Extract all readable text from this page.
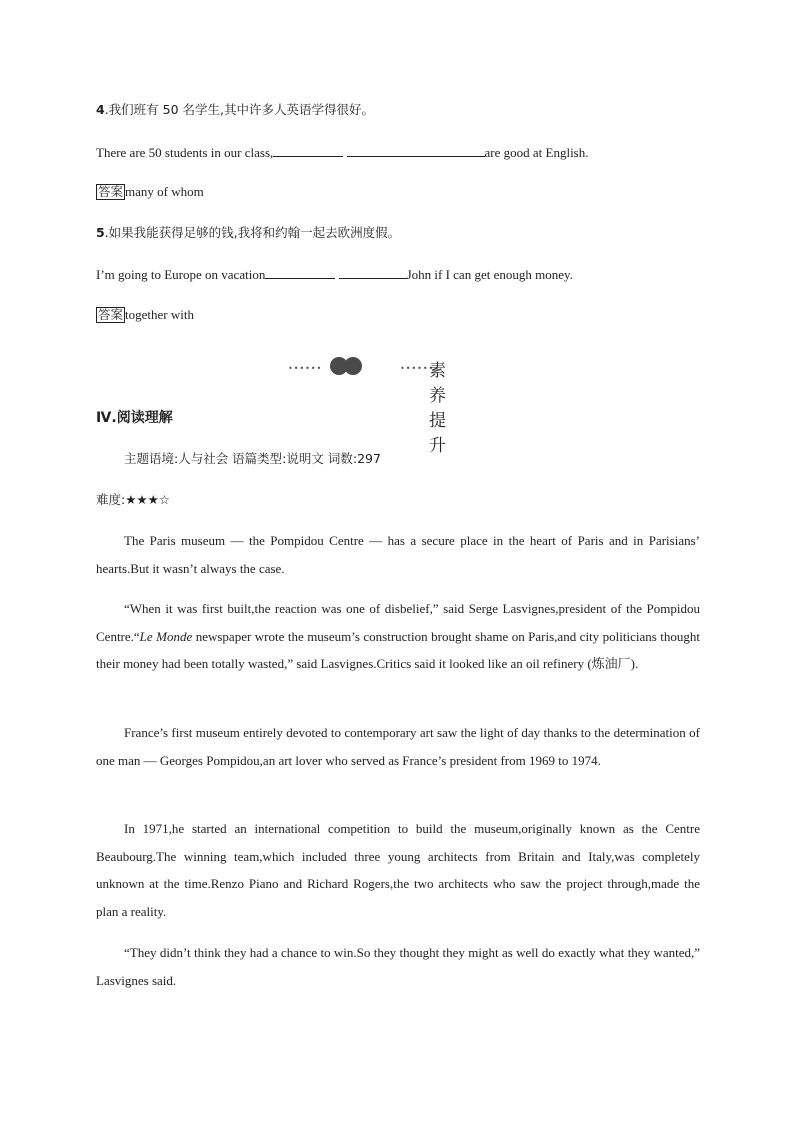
4.我们班有 50 名学生,其中许多人英语学得很好。
There are 50 students in our class,	are good at English.
答案 many of whom
5.如果我能获得足够的钱,我将和约翰一起去欧洲度假。
I’m going to Europe on vacation	John if I can get enough money.
答案 together with
••••••	••••••
素养提升
Ⅳ.阅读理解
主题语境:人与社会 语篇类型:说明文 词数:297
难度:★★★☆
The Paris museum — the Pompidou Centre — has a secure place in the heart of Paris and in Parisians’ hearts.But it wasn’t always the case.
“When it was first built,the reaction was one of disbelief,” said Serge Lasvignes,president of the Pompidou Centre.“Le Monde newspaper wrote the museum’s construction brought shame on Paris,and city politicians thought their money had been totally wasted,” said Lasvignes.Critics said it looked like an oil refinery (炼油厂).
France’s first museum entirely devoted to contemporary art saw the light of day thanks to the determination of one man — Georges Pompidou,an art lover who served as France’s president from 1969 to 1974.
In 1971,he started an international competition to build the museum,originally known as the Centre Beaubourg.The winning team,which included three young architects from Britain and Italy,was completely unknown at the time.Renzo Piano and Richard Rogers,the two architects who saw the project through,made the plan a reality.
“They didn’t think they had a chance to win.So they thought they might as well do exactly what they wanted,” Lasvignes said.
